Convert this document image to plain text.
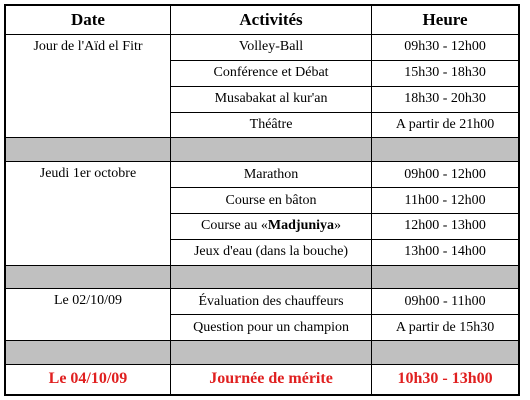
Date	Activités	Heure
Jour de l'Aïd el Fitr	Volley-Ball	09h30 - 12h00
	Conférence et Débat	15h30 - 18h30
	Musabakat al kur'an	18h30 - 20h30
	Théâtre	A partir de 21h00

Jeudi 1er octobre	Marathon	09h00 - 12h00
	Course en bâton	11h00 - 12h00
	Course au «Madjuniya»	12h00 - 13h00
	Jeux d'eau (dans la bouche)	13h00 - 14h00

Le 02/10/09	Évaluation des chauffeurs	09h00 - 11h00
	Question pour un champion	A partir de 15h30

Le 04/10/09	Journée de mérite	10h30 - 13h00
